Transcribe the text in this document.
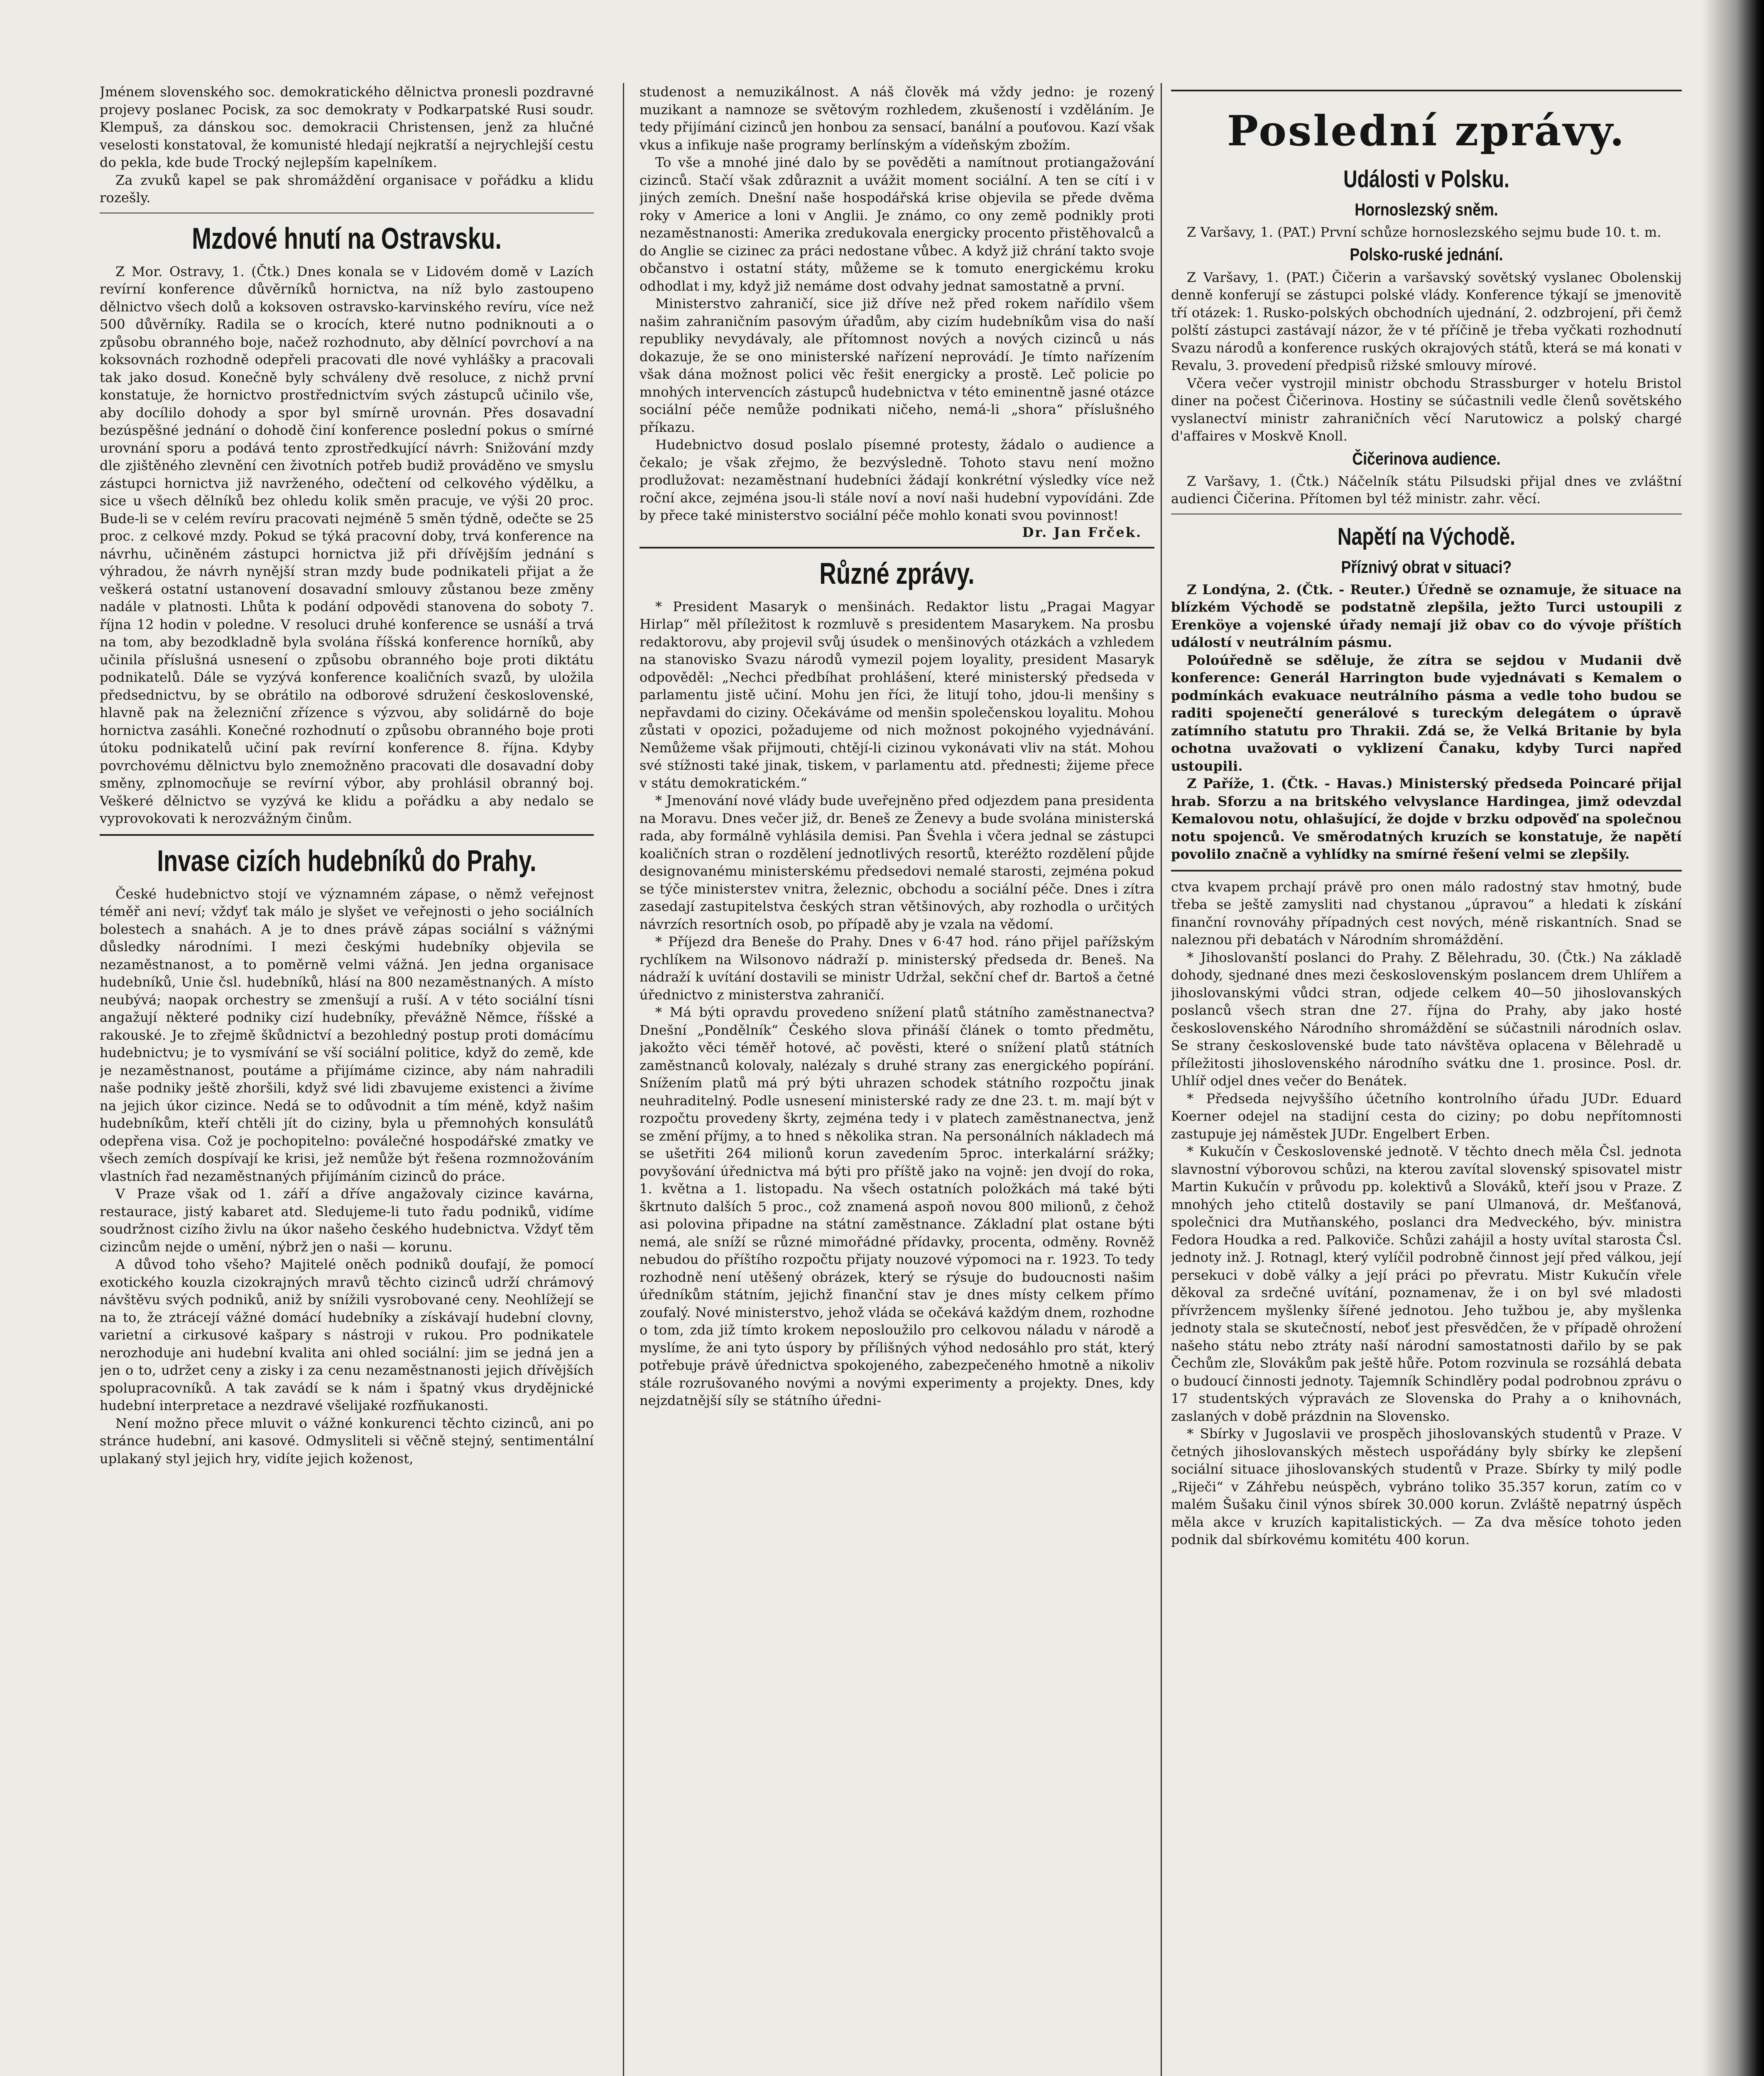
Jménem slovenského soc. demokratického dělnictva pronesli pozdravné projevy poslanec Pocisk, za soc demokraty v Podkarpatské Rusi soudr. Klempuš, za dánskou soc. demokracii Christensen, jenž za hlučné veselosti konstatoval, že komunisté hledají nejkratší a nejrychlejší cestu do pekla, kde bude Trocký nejlepším kapelníkem.

Za zvuků kapel se pak shromáždění organisace v pořádku a klidu rozešly.

Mzdové hnutí na Ostravsku.

Z Mor. Ostravy, 1. (Čtk.) Dnes konala se v Lidovém domě v Lazích revírní konference důvěrníků hornictva, na níž bylo zastoupeno dělnictvo všech dolů a koksoven ostravsko-karvinského revíru, více než 500 důvěrníky. Radila se o krocích, které nutno podniknouti a o způsobu obranného boje, načež rozhodnuto, aby dělnící povrchoví a na koksovnách rozhodně odepřeli pracovati dle nové vyhlášky a pracovali tak jako dosud. Konečně byly schváleny dvě resoluce, z nichž první konstatuje, že hornictvo prostřednictvím svých zástupců učinilo vše, aby docílilo dohody a spor byl smírně urovnán. Přes dosavadní bezúspěšné jednání o dohodě činí konference poslední pokus o smírné urovnání sporu a podává tento zprostředkující návrh: Snižování mzdy dle zjištěného zlevnění cen životních potřeb budiž prováděno ve smyslu zástupci hornictva již navrženého, odečtení od celkového výdělku, a sice u všech dělníků bez ohledu kolik směn pracuje, ve výši 20 proc. Bude-li se v celém revíru pracovati nejméně 5 směn týdně, odečte se 25 proc. z celkové mzdy. Pokud se týká pracovní doby, trvá konference na návrhu, učiněném zástupci hornictva již při dřívějším jednání s výhradou, že návrh nynější stran mzdy bude podnikateli přijat a že veškerá ostatní ustanovení dosavadní smlouvy zůstanou beze změny nadále v platnosti. Lhůta k podání odpovědi stanovena do soboty 7. října 12 hodin v poledne. V resoluci druhé konference se usnáší a trvá na tom, aby bezodkladně byla svolána říšská konference horníků, aby učinila příslušná usnesení o způsobu obranného boje proti diktátu podnikatelů. Dále se vyzývá konference koaličních svazů, by uložila předsednictvu, by se obrátilo na odborové sdružení československé, hlavně pak na železniční zřízence s výzvou, aby solidárně do boje hornictva zasáhli. Konečné rozhodnutí o způsobu obranného boje proti útoku podnikatelů učiní pak revírní konference 8. října. Kdyby povrchovému dělnictvu bylo znemožněno pracovati dle dosavadní doby směny, zplnomocňuje se revírní výbor, aby prohlásil obranný boj. Veškeré dělnictvo se vyzývá ke klidu a pořádku a aby nedalo se vyprovokovati k nerozvážným činům.

Invase cizích hudebníků do Prahy.

České hudebnictvo stojí ve významném zápase, o němž veřejnost téměř ani neví; vždyť tak málo je slyšet ve veřejnosti o jeho sociálních bolestech a snahách. A je to dnes právě zápas sociální s vážnými důsledky národními. I mezi českými hudebníky objevila se nezaměstnanost, a to poměrně velmi vážná. Jen jedna organisace hudebníků, Unie čsl. hudebníků, hlásí na 800 nezaměstnaných. A místo neubývá; naopak orchestry se zmenšují a ruší. A v této sociální tísni angažují některé podniky cizí hudebníky, převážně Němce, říšské a rakouské. Je to zřejmě škůdnictví a bezohledný postup proti domácímu hudebnictvu; je to vysmívání se vší sociální politice, když do země, kde je nezaměstnanost, poutáme a přijímáme cizince, aby nám nahradili naše podniky ještě zhoršili, když své lidi zbavujeme existenci a živíme na jejich úkor cizince. Nedá se to odůvodnit a tím méně, když našim hudebníkům, kteří chtěli jít do ciziny, byla u přemnohých konsulátů odepřena visa. Což je pochopitelno: poválečné hospodářské zmatky ve všech zemích dospívají ke krisi, jež nemůže být řešena rozmnožováním vlastních řad nezaměstnaných přijímáním cizinců do práce.

V Praze však od 1. září a dříve angažovaly cizince kavárna, restaurace, jistý kabaret atd. Sledujeme-li tuto řadu podniků, vidíme soudržnost cizího živlu na úkor našeho českého hudebnictva. Vždyť těm cizincům nejde o umění, nýbrž jen o naši — korunu.

A důvod toho všeho? Majitelé oněch podniků doufají, že pomocí exotického kouzla cizokrajných mravů těchto cizinců udrží chrámový návštěvu svých podniků, aniž by snížili vysrobované ceny. Neohlížejí se na to, že ztrácejí vážné domácí hudebníky a získávají hudební clovny, varietní a cirkusové kašpary s nástroji v rukou. Pro podnikatele nerozhoduje ani hudební kvalita ani ohled sociální: jim se jedná jen a jen o to, udržet ceny a zisky i za cenu nezaměstnanosti jejich dřívějších spolupracovníků. A tak zavádí se k nám i špatný vkus drydějnické hudební interpretace a nezdravé všelijaké rozfňukanosti.

Není možno přece mluvit o vážné konkurenci těchto cizinců, ani po stránce hudební, ani kasové. Odmysliteli si věčně stejný, sentimentální uplakaný styl jejich hry, vidíte jejich koženost,

studenost a nemuzikálnost. A náš člověk má vždy jedno: je rozený muzikant a namnoze se světovým rozhledem, zkušeností i vzděláním. Je tedy přijímání cizinců jen honbou za sensací, banální a pouťovou. Kazí však vkus a infikuje naše programy berlínským a vídeňským zbožím.

To vše a mnohé jiné dalo by se pověděti a namítnout protiangažování cizinců. Stačí však zdůraznit a uvážit moment sociální. A ten se cítí i v jiných zemích. Dnešní naše hospodářská krise objevila se přede dvěma roky v Americe a loni v Anglii. Je známo, co ony země podnikly proti nezaměstnanosti: Amerika zredukovala energicky procento přistěhovalců a do Anglie se cizinec za práci nedostane vůbec. A když již chrání takto svoje občanstvo i ostatní státy, můžeme se k tomuto energickému kroku odhodlat i my, když již nemáme dost odvahy jednat samostatně a první.

Ministerstvo zahraničí, sice již dříve než před rokem nařídilo všem našim zahraničním pasovým úřadům, aby cizím hudebníkům visa do naší republiky nevydávaly, ale přítomnost nových a nových cizinců u nás dokazuje, že se ono ministerské nařízení neprovádí. Je tímto nařízením však dána možnost polici věc řešit energicky a prostě. Leč policie po mnohých intervencích zástupců hudebnictva v této eminentně jasné otázce sociální péče nemůže podnikati ničeho, nemá-li „shora“ příslušného příkazu.

Hudebnictvo dosud poslalo písemné protesty, žádalo o audience a čekalo; je však zřejmo, že bezvýsledně. Tohoto stavu není možno prodlužovat: nezaměstnaní hudebníci žádají konkrétní výsledky více než roční akce, zejména jsou-li stále noví a noví naši hudební vypovídáni. Zde by přece také ministerstvo sociální péče mohlo konati svou povinnost!

Dr. Jan Frček.
Různé zprávy.

* President Masaryk o menšinách. Redaktor listu „Pragai Magyar Hirlap“ měl příležitost k rozmluvě s presidentem Masarykem. Na prosbu redaktorovu, aby projevil svůj úsudek o menšinových otázkách a vzhledem na stanovisko Svazu národů vymezil pojem loyality, president Masaryk odpověděl: „Nechci předbíhat prohlášení, které ministerský předseda v parlamentu jistě učiní. Mohu jen říci, že litují toho, jdou-li menšiny s nepřavdami do ciziny. Očekáváme od menšin společenskou loyalitu. Mohou zůstati v opozici, požadujeme od nich možnost pokojného vyjednávání. Nemůžeme však přijmouti, chtějí-li cizinou vykonávati vliv na stát. Mohou své stížnosti také jinak, tiskem, v parlamentu atd. přednesti; žijeme přece v státu demokratickém.“

* Jmenování nové vlády bude uveřejněno před odjezdem pana presidenta na Moravu. Dnes večer již, dr. Beneš ze Ženevy a bude svolána ministerská rada, aby formálně vyhlásila demisi. Pan Švehla i včera jednal se zástupci koaličních stran o rozdělení jednotlivých resortů, kteréžto rozdělení půjde designovanému ministerskému předsedovi nemalé starosti, zejména pokud se týče ministerstev vnitra, železnic, obchodu a sociální péče. Dnes i zítra zasedají zastupitelstva českých stran většinových, aby rozhodla o určitých návrzích resortních osob, po případě aby je vzala na vědomí.

* Příjezd dra Beneše do Prahy. Dnes v 6·47 hod. ráno přijel pařížským rychlíkem na Wilsonovo nádraží p. ministerský předseda dr. Beneš. Na nádraží k uvítání dostavili se ministr Udržal, sekční chef dr. Bartoš a četné úřednictvo z ministerstva zahraničí.

* Má býti opravdu provedeno snížení platů státního zaměstnanectva? Dnešní „Pondělník“ Českého slova přináší článek o tomto předmětu, jakožto věci téměř hotové, ač pověsti, které o snížení platů státních zaměstnanců kolovaly, nalézaly s druhé strany zas energického popírání. Snížením platů má prý býti uhrazen schodek státního rozpočtu jinak neuhraditelný. Podle usnesení ministerské rady ze dne 23. t. m. mají být v rozpočtu provedeny škrty, zejména tedy i v platech zaměstnanectva, jenž se změní příjmy, a to hned s několika stran. Na personálních nákladech má se ušetřiti 264 milionů korun zavedením 5proc. interkalární srážky; povyšování úřednictva má býti pro příště jako na vojně: jen dvojí do roka, 1. května a 1. listopadu. Na všech ostatních položkách má také býti škrtnuto dalších 5 proc., což znamená aspoň novou 800 milionů, z čehož asi polovina připadne na státní zaměstnance. Základní plat ostane býti nemá, ale sníží se různé mimořádné přídavky, procenta, odměny. Rovněž nebudou do příštího rozpočtu přijaty nouzové výpomoci na r. 1923. To tedy rozhodně není utěšený obrázek, který se rýsuje do budoucnosti našim úředníkům státním, jejichž finanční stav je dnes místy celkem přímo zoufalý. Nové ministerstvo, jehož vláda se očekává každým dnem, rozhodne o tom, zda již tímto krokem neposloužilo pro celkovou náladu v národě a myslíme, že ani tyto úspory by přílišných výhod nedosáhlo pro stát, který potřebuje právě úřednictva spokojeného, zabezpečeného hmotně a nikoliv stále rozrušovaného novými a novými experimenty a projekty. Dnes, kdy nejzdatnější síly se státního úředni-

Poslední zprávy.
Události v Polsku.
Hornoslezský sněm.

Z Varšavy, 1. (PAT.) První schůze hornoslezského sejmu bude 10. t. m.

Polsko-ruské jednání.

Z Varšavy, 1. (PAT.) Čičerin a varšavský sovětský vyslanec Obolenskij denně konferují se zástupci polské vlády. Konference týkají se jmenovitě tří otázek: 1. Rusko-polských obchodních ujednání, 2. odzbrojení, při čemž polští zástupci zastávají názor, že v té příčině je třeba vyčkati rozhodnutí Svazu národů a konference ruských okrajových států, která se má konati v Revalu, 3. provedení předpisů rižské smlouvy mírové.

Včera večer vystrojil ministr obchodu Strassburger v hotelu Bristol diner na počest Čičerinova. Hostiny se súčastnili vedle členů sovětského vyslanectví ministr zahraničních věcí Narutowicz a polský chargé d'affaires v Moskvě Knoll.

Čičerinova audience.

Z Varšavy, 1. (Čtk.) Náčelník státu Pilsudski přijal dnes ve zvláštní audienci Čičerina. Přítomen byl též ministr. zahr. věcí.

Napětí na Východě.
Příznivý obrat v situaci?

Z Londýna, 2. (Čtk. - Reuter.) Úředně se oznamuje, že situace na blízkém Východě se podstatně zlepšila, ježto Turci ustoupili z Erenköye a vojenské úřady nemají již obav co do vývoje příštích událostí v neutrálním pásmu.

Poloúředně se sděluje, že zítra se sejdou v Mudanii dvě konference: Generál Harrington bude vyjednávati s Kemalem o podmínkách evakuace neutrálního pásma a vedle toho budou se raditi spojenečtí generálové s tureckým delegátem o úpravě zatímního statutu pro Thrakii. Zdá se, že Velká Britanie by byla ochotna uvažovati o vyklizení Čanaku, kdyby Turci napřed ustoupili.

Z Paříže, 1. (Čtk. - Havas.) Ministerský předseda Poincaré přijal hrab. Sforzu a na britského velvyslance Hardingea, jimž odevzdal Kemalovou notu, ohlašující, že dojde v brzku odpověď na společnou notu spojenců. Ve směrodatných kruzích se konstatuje, že napětí povolilo značně a vyhlídky na smírné řešení velmi se zlepšily.

ctva kvapem prchají právě pro onen málo radostný stav hmotný, bude třeba se ještě zamysliti nad chystanou „úpravou“ a hledati k získání finanční rovnováhy případných cest nových, méně riskantních. Snad se naleznou při debatách v Národním shromáždění.

* Jihoslovanští poslanci do Prahy. Z Bělehradu, 30. (Čtk.) Na základě dohody, sjednané dnes mezi československým poslancem drem Uhlířem a jihoslovanskými vůdci stran, odjede celkem 40—50 jihoslovanských poslanců všech stran dne 27. října do Prahy, aby jako hosté československého Národního shromáždění se súčastnili národních oslav. Se strany československé bude tato návštěva oplacena v Bělehradě u příležitosti jihoslovenského národního svátku dne 1. prosince. Posl. dr. Uhlíř odjel dnes večer do Benátek.

* Předseda nejvyššího účetního kontrolního úřadu JUDr. Eduard Koerner odejel na stadijní cesta do ciziny; po dobu nepřítomnosti zastupuje jej náměstek JUDr. Engelbert Erben.

* Kukučín v Československé jednotě. V těchto dnech měla Čsl. jednota slavnostní výborovou schůzi, na kterou zavítal slovenský spisovatel mistr Martin Kukučín v průvodu pp. kolektivů a Slováků, kteří jsou v Praze. Z mnohých jeho ctitelů dostavily se paní Ulmanová, dr. Mešťanová, společnici dra Mutňanského, poslanci dra Medveckého, býv. ministra Fedora Houdka a red. Palkoviče. Schůzi zahájil a hosty uvítal starosta Čsl. jednoty inž. J. Rotnagl, který vylíčil podrobně činnost její před válkou, její persekuci v době války a její práci po převratu. Mistr Kukučín vřele děkoval za srdečné uvítání, poznamenav, že i on byl své mladosti přívržencem myšlenky šířené jednotou. Jeho tužbou je, aby myšlenka jednoty stala se skutečností, neboť jest přesvědčen, že v případě ohrožení našeho státu nebo ztráty naší národní samostatnosti dařilo by se pak Čechům zle, Slovákům pak ještě hůře. Potom rozvinula se rozsáhlá debata o budoucí činnosti jednoty. Tajemník Schindlěry podal podrobnou zprávu o 17 studentských výpravách ze Slovenska do Prahy a o knihovnách, zaslaných v době prázdnin na Slovensko.

* Sbírky v Jugoslavii ve prospěch jihoslovanských studentů v Praze. V četných jihoslovanských městech uspořádány byly sbírky ke zlepšení sociální situace jihoslovanských studentů v Praze. Sbírky ty milý podle „Riječi“ v Záhřebu neúspěch, vybráno toliko 35.357 korun, zatím co v malém Šušaku činil výnos sbírek 30.000 korun. Zvláště nepatrný úspěch měla akce v kruzích kapitalistických. — Za dva měsíce tohoto jeden podnik dal sbírkovému komitétu 400 korun.
